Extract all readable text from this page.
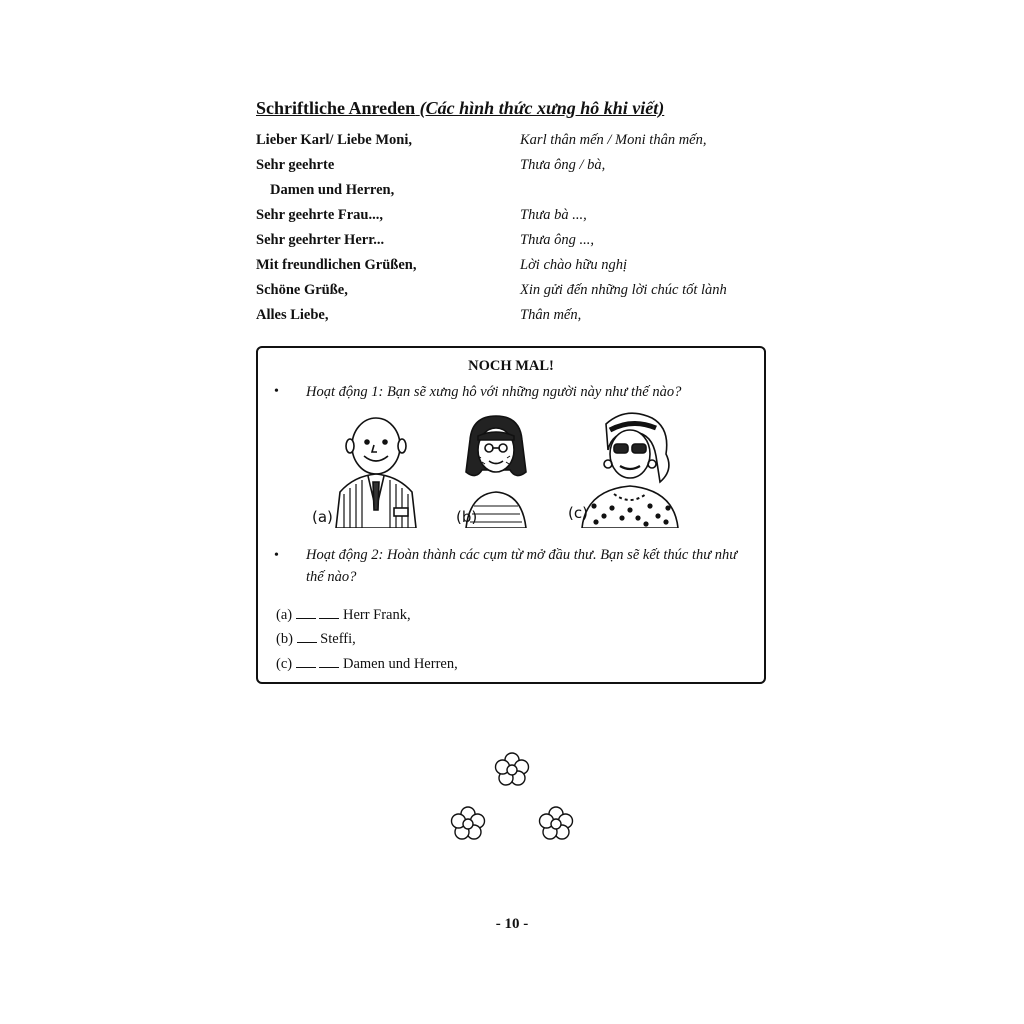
Schriftliche Anreden (Các hình thức xưng hô khi viết)
Lieber Karl/ Liebe Moni,	Karl thân mến / Moni thân mến,
Sehr geehrte	Thưa ông / bà,
Damen und Herren,
Sehr geehrte Frau...,	Thưa bà ...,
Sehr geehrter Herr...	Thưa ông ...,
Mit freundlichen Grüßen,	Lời chào hữu nghị
Schöne Grüße,	Xin gửi đến những lời chúc tốt lành
Alles Liebe,	Thân mến,
NOCH MAL!
• Hoạt động 1: Bạn sẽ xưng hô với những người này như thế nào?
(a)	(b)	(c)
• Hoạt động 2: Hoàn thành các cụm từ mở đầu thư. Bạn sẽ kết thúc thư như thế nào?
(a)	Herr Frank,
(b) Steffi,
(c)	Damen und Herren,
- 10 -
